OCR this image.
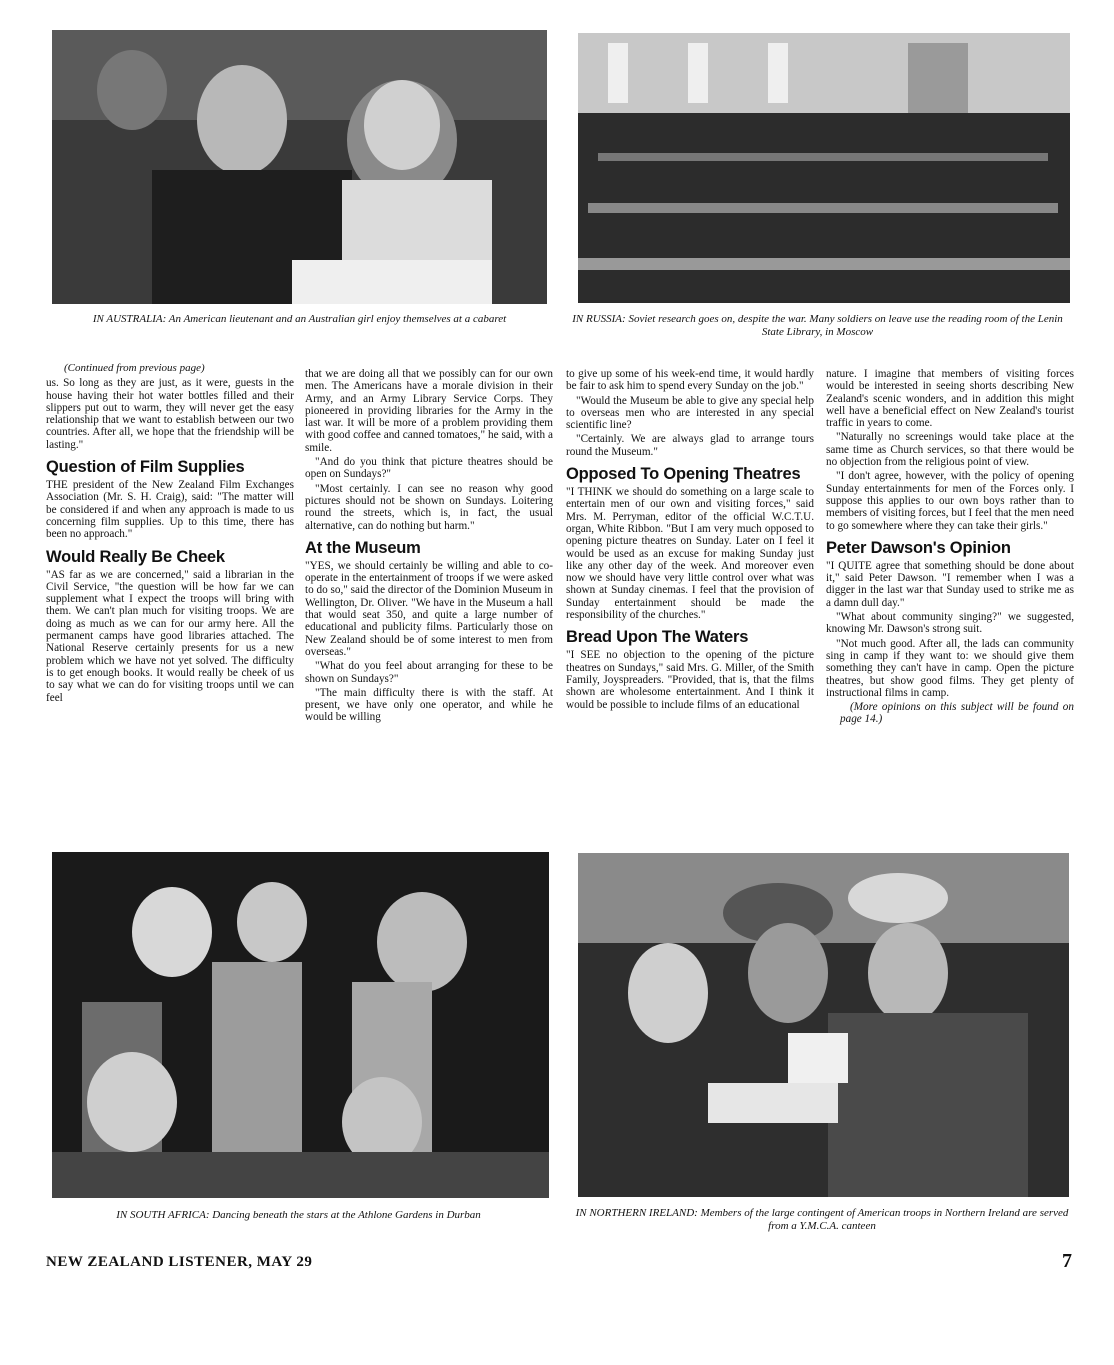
IN AUSTRALIA: An American lieutenant and an Australian girl enjoy themselves at a cabaret	IN RUSSIA: Soviet research goes on, despite the war. Many soldiers on leave use the reading room of the Lenin State Library, in Moscow
(Continued from previous page)

us. So long as they are just, as it were, guests in the house having their hot water bottles filled and their slippers put out to warm, they will never get the easy relationship that we want to establish between our two countries. After all, we hope that the friendship will be lasting."

Question of Film Supplies

THE president of the New Zealand Film Exchanges Association (Mr. S. H. Craig), said: "The matter will be considered if and when any approach is made to us concerning film supplies. Up to this time, there has been no approach."

Would Really Be Cheek

"AS far as we are concerned," said a librarian in the Civil Service, "the question will be how far we can supplement what I expect the troops will bring with them. We can't plan much for visiting troops. We are doing as much as we can for our army here. All the permanent camps have good libraries attached. The National Reserve certainly presents for us a new problem which we have not yet solved. The difficulty is to get enough books. It would really be cheek of us to say what we can do for visiting troops until we can feel

that we are doing all that we possibly can for our own men. The Americans have a morale division in their Army, and an Army Library Service Corps. They pioneered in providing libraries for the Army in the last war. It will be more of a problem providing them with good coffee and canned tomatoes," he said, with a smile.

"And do you think that picture theatres should be open on Sundays?"

"Most certainly. I can see no reason why good pictures should not be shown on Sundays. Loitering round the streets, which is, in fact, the usual alternative, can do nothing but harm."

At the Museum

"YES, we should certainly be willing and able to co-operate in the entertainment of troops if we were asked to do so," said the director of the Dominion Museum in Wellington, Dr. Oliver. "We have in the Museum a hall that would seat 350, and quite a large number of educational and publicity films. Particularly those on New Zealand should be of some interest to men from overseas."

"What do you feel about arranging for these to be shown on Sundays?"

"The main difficulty there is with the staff. At present, we have only one operator, and while he would be willing

to give up some of his week-end time, it would hardly be fair to ask him to spend every Sunday on the job."

"Would the Museum be able to give any special help to overseas men who are interested in any special scientific line?

"Certainly. We are always glad to arrange tours round the Museum."

Opposed To Opening Theatres

"I THINK we should do something on a large scale to entertain men of our own and visiting forces," said Mrs. M. Perryman, editor of the official W.C.T.U. organ, White Ribbon. "But I am very much opposed to opening picture theatres on Sunday. Later on I feel it would be used as an excuse for making Sunday just like any other day of the week. And moreover even now we should have very little control over what was shown at Sunday cinemas. I feel that the provision of Sunday entertainment should be made the responsibility of the churches."

Bread Upon The Waters

"I SEE no objection to the opening of the picture theatres on Sundays," said Mrs. G. Miller, of the Smith Family, Joyspreaders. "Provided, that is, that the films shown are wholesome entertainment. And I think it would be possible to include films of an educational

nature. I imagine that members of visiting forces would be interested in seeing shorts describing New Zealand's scenic wonders, and in addition this might well have a beneficial effect on New Zealand's tourist traffic in years to come.

"Naturally no screenings would take place at the same time as Church services, so that there would be no objection from the religious point of view.

"I don't agree, however, with the policy of opening Sunday entertainments for men of the Forces only. I suppose this applies to our own boys rather than to members of visiting forces, but I feel that the men need to go somewhere where they can take their girls."

Peter Dawson's Opinion

"I QUITE agree that something should be done about it," said Peter Dawson. "I remember when I was a digger in the last war that Sunday used to strike me as a damn dull day."

"What about community singing?" we suggested, knowing Mr. Dawson's strong suit.

"Not much good. After all, the lads can community sing in camp if they want to: we should give them something they can't have in camp. Open the picture theatres, but show good films. They get plenty of instructional films in camp.

(More opinions on this subject will be found on page 14.)

IN SOUTH AFRICA: Dancing beneath the stars at the Athlone Gardens in Durban	IN NORTHERN IRELAND: Members of the large contingent of American troops in Northern Ireland are served from a Y.M.C.A. canteen
NEW ZEALAND LISTENER, MAY 29	7
